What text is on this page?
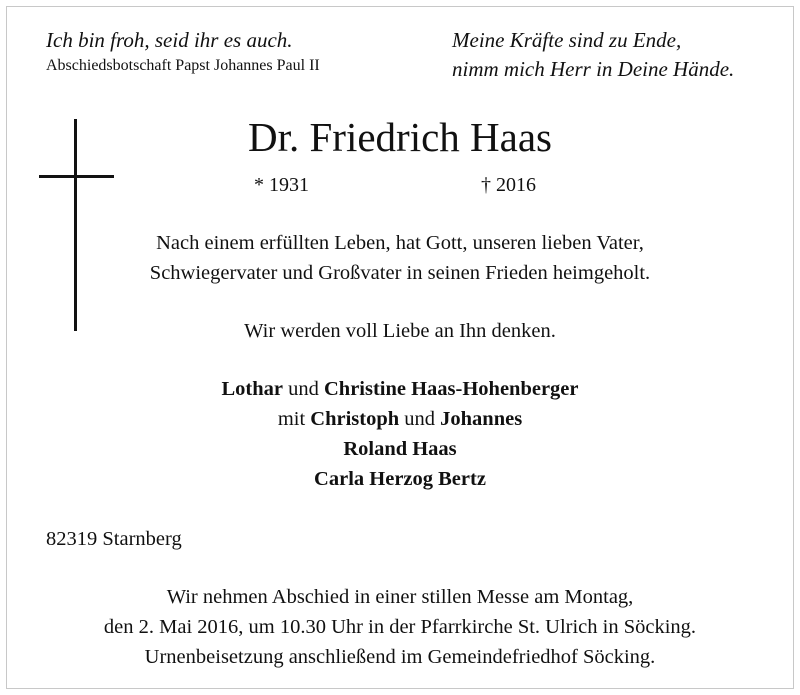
Ich bin froh, seid ihr es auch.
Abschiedsbotschaft Papst Johannes Paul II
Meine Kräfte sind zu Ende,
nimm mich Herr in Deine Hände.
Dr. Friedrich Haas
* 1931	† 2016
Nach einem erfüllten Leben, hat Gott, unseren lieben Vater,
Schwiegervater und Großvater in seinen Frieden heimgeholt.
Wir werden voll Liebe an Ihn denken.
Lothar und Christine Haas-Hohenberger
mit Christoph und Johannes
Roland Haas
Carla Herzog Bertz
82319 Starnberg
Wir nehmen Abschied in einer stillen Messe am Montag,
den 2. Mai 2016, um 10.30 Uhr in der Pfarrkirche St. Ulrich in Söcking.
Urnenbeisetzung anschließend im Gemeindefriedhof Söcking.
